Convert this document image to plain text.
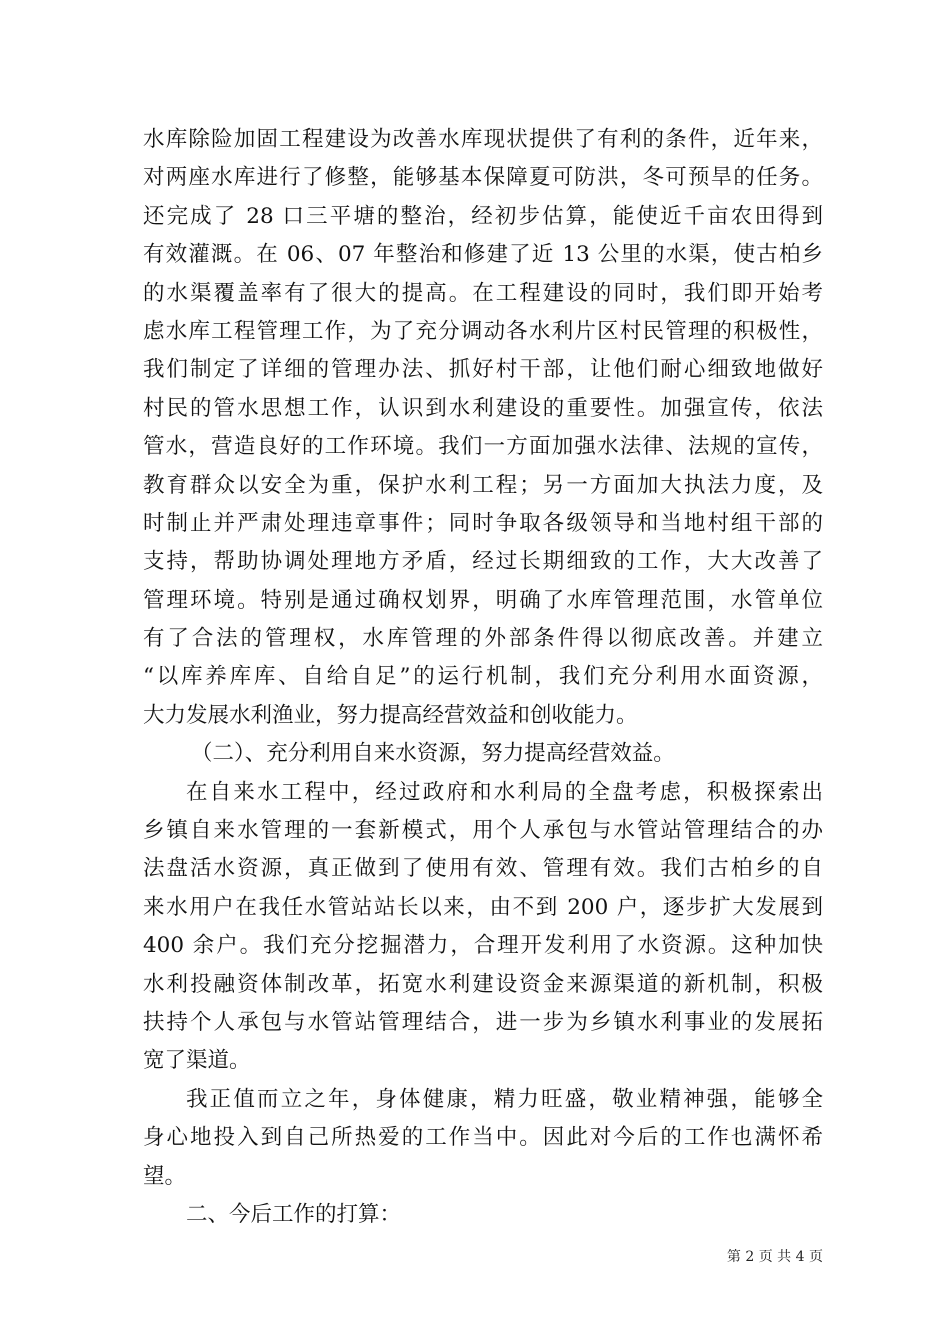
水库除险加固工程建设为改善水库现状提供了有利的条件，近年来，
对两座水库进行了修整，能够基本保障夏可防洪，冬可预旱的任务。
还完成了 28 口三平塘的整治，经初步估算，能使近千亩农田得到
有效灌溉。在 06、07 年整治和修建了近 13 公里的水渠，使古柏乡
的水渠覆盖率有了很大的提高。在工程建设的同时，我们即开始考
虑水库工程管理工作，为了充分调动各水利片区村民管理的积极性，
我们制定了详细的管理办法、抓好村干部，让他们耐心细致地做好
村民的管水思想工作，认识到水利建设的重要性。加强宣传，依法
管水，营造良好的工作环境。我们一方面加强水法律、法规的宣传，
教育群众以安全为重，保护水利工程；另一方面加大执法力度，及
时制止并严肃处理违章事件；同时争取各级领导和当地村组干部的
支持，帮助协调处理地方矛盾，经过长期细致的工作，大大改善了
管理环境。特别是通过确权划界，明确了水库管理范围，水管单位
有了合法的管理权，水库管理的外部条件得以彻底改善。并建立
“以库养库库、自给自足”的运行机制，我们充分利用水面资源，
大力发展水利渔业，努力提高经营效益和创收能力。
（二）、充分利用自来水资源，努力提高经营效益。
在自来水工程中，经过政府和水利局的全盘考虑，积极探索出
乡镇自来水管理的一套新模式，用个人承包与水管站管理结合的办
法盘活水资源，真正做到了使用有效、管理有效。我们古柏乡的自
来水用户在我任水管站站长以来，由不到 200 户，逐步扩大发展到
400 余户。我们充分挖掘潜力，合理开发利用了水资源。这种加快
水利投融资体制改革，拓宽水利建设资金来源渠道的新机制，积极
扶持个人承包与水管站管理结合，进一步为乡镇水利事业的发展拓
宽了渠道。
我正值而立之年，身体健康，精力旺盛，敬业精神强，能够全
身心地投入到自己所热爱的工作当中。因此对今后的工作也满怀希
望。
二、今后工作的打算：
第 2 页 共 4 页
